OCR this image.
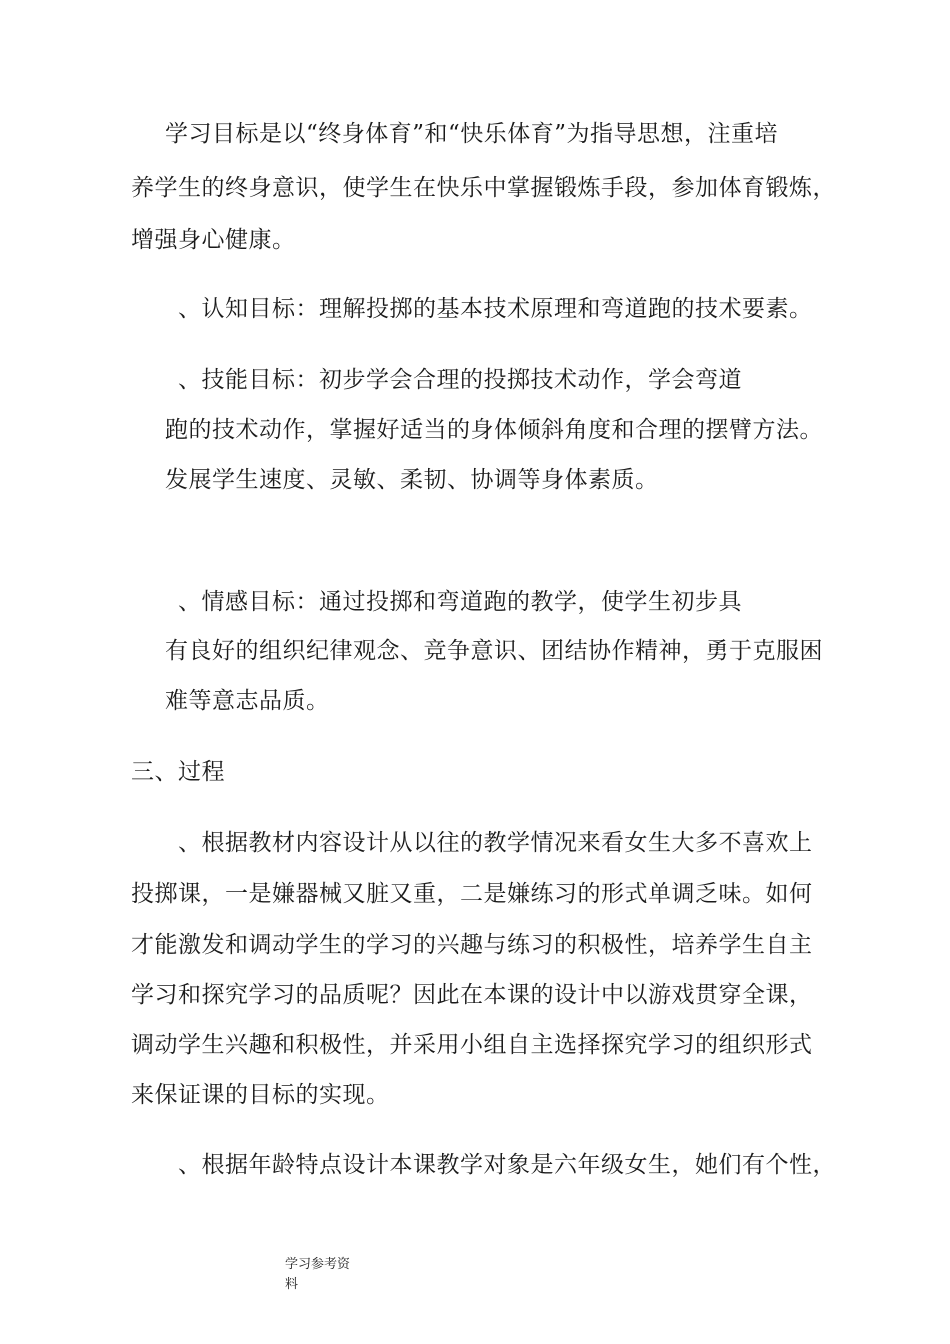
学习目标是以“终身体育”和“快乐体育”为指导思想，注重培
养学生的终身意识，使学生在快乐中掌握锻炼手段，参加体育锻炼，
增强身心健康。
、认知目标：理解投掷的基本技术原理和弯道跑的技术要素。
、技能目标：初步学会合理的投掷技术动作，学会弯道
跑的技术动作，掌握好适当的身体倾斜角度和合理的摆臂方法。
发展学生速度、灵敏、柔韧、协调等身体素质。
、情感目标：通过投掷和弯道跑的教学，使学生初步具
有良好的组织纪律观念、竞争意识、团结协作精神，勇于克服困
难等意志品质。
三、过程
、根据教材内容设计从以往的教学情况来看女生大多不喜欢上
投掷课，一是嫌器械又脏又重，二是嫌练习的形式单调乏味。如何
才能激发和调动学生的学习的兴趣与练习的积极性，培养学生自主
学习和探究学习的品质呢？因此在本课的设计中以游戏贯穿全课，
调动学生兴趣和积极性，并采用小组自主选择探究学习的组织形式
来保证课的目标的实现。
、根据年龄特点设计本课教学对象是六年级女生，她们有个性，
学习参考资
料
